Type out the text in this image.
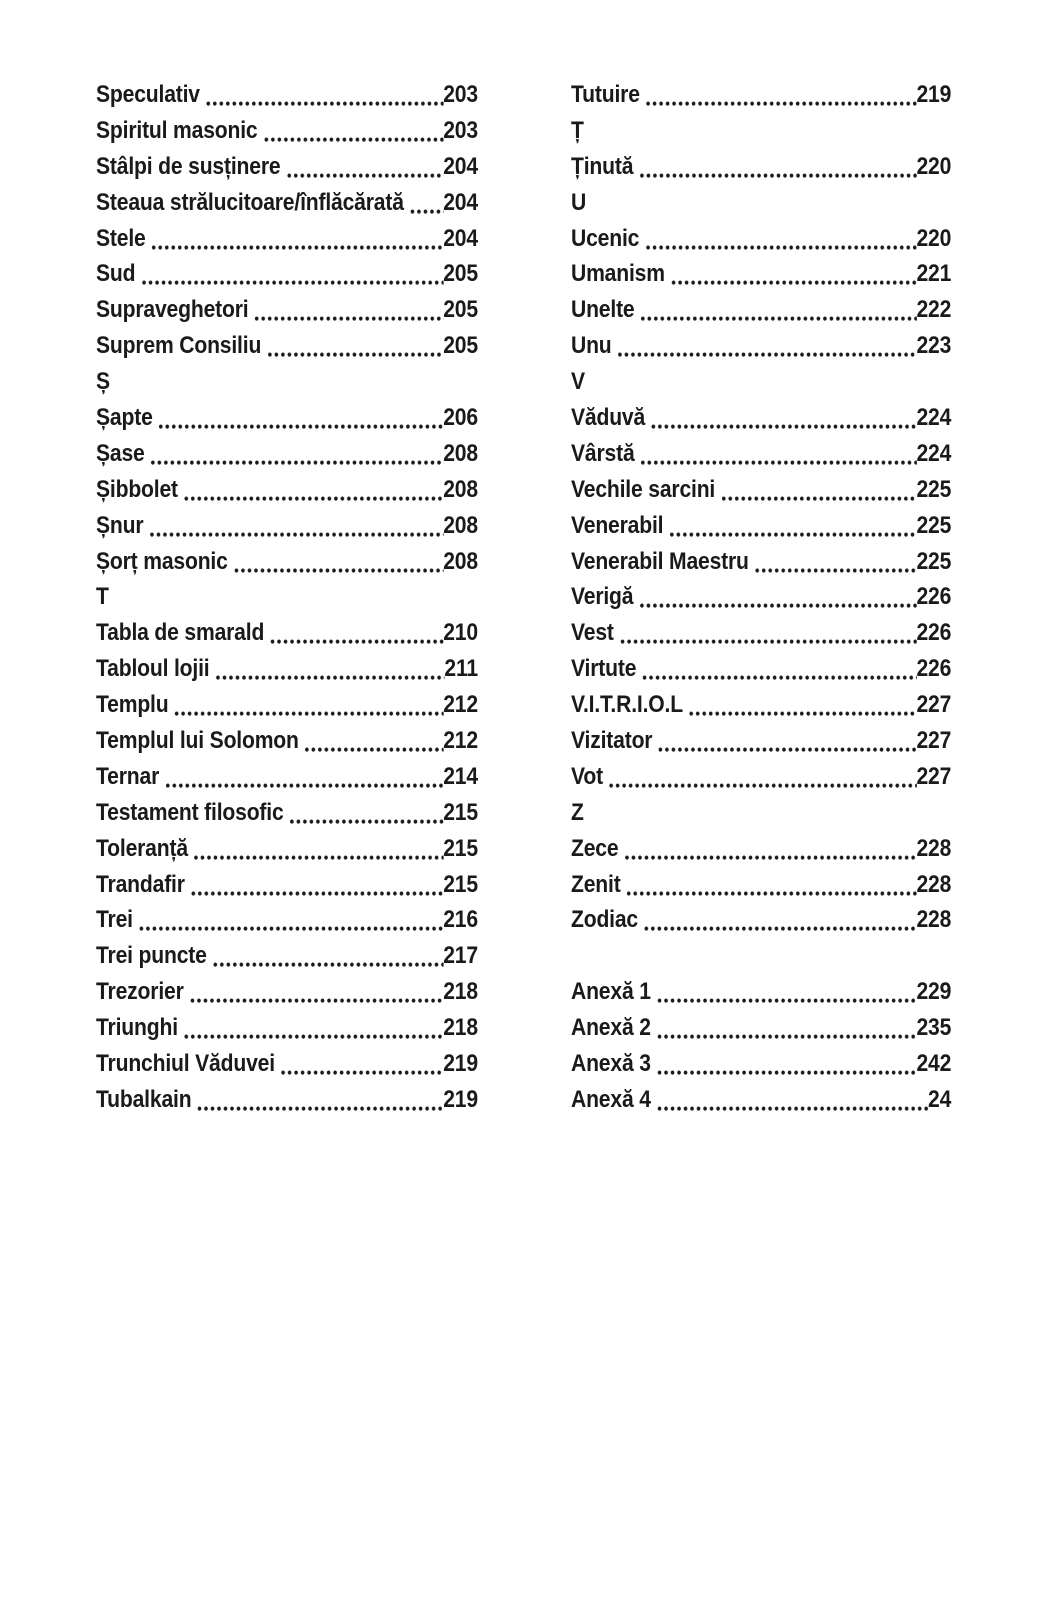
Speculativ	203
Spiritul masonic	203
Stâlpi de susținere	204
Steaua strălucitoare/înflăcărată 204
Stele	204
Sud	205
Supraveghetori	205
Suprem Consiliu	205
Ș
Șapte	206
Șase	208
Șibbolet	208
Șnur	208
Șorț masonic	208
T
Tabla de smarald	210
Tabloul lojii	211
Templu	212
Templul lui Solomon	212
Ternar	214
Testament filosofic	215
Toleranță	215
Trandafir	215
Trei	216
Trei puncte	217
Trezorier	218
Triunghi	218
Trunchiul Văduvei	219
Tubalkain	219
Tutuire	219
Ț
Ținută	220
U
Ucenic	220
Umanism	221
Unelte	222
Unu	223
V
Văduvă	224
Vârstă	224
Vechile sarcini	225
Venerabil	225
Venerabil Maestru	225
Verigă	226
Vest	226
Virtute	226
V.I.T.R.I.O.L	227
Vizitator	227
Vot	227
Z
Zece	228
Zenit	228
Zodiac	228
Anexă 1	229
Anexă 2	235
Anexă 3	242
Anexă 4	24
